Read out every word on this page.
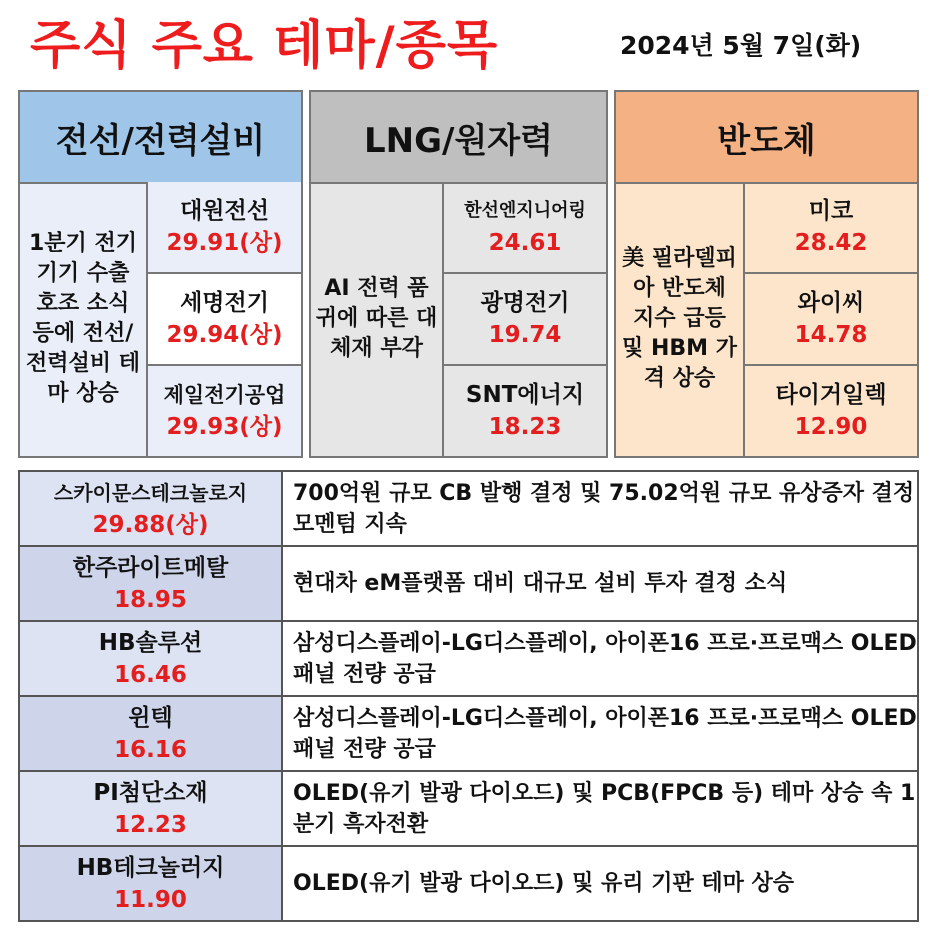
주식 주요 테마/종목	2024년 5월 7일(화)
전선/전력설비
1분기 전기기기 수출 호조 소식 등에 전선/ 전력설비 테마 상승
대원전선
29.91(상)
세명전기
29.94(상)
제일전기공업
29.93(상)
LNG/원자력
AI 전력 품귀에 따른 대체재 부각
한선엔지니어링
24.61
광명전기
19.74
SNT에너지
18.23
반도체
美 필라델피아 반도체 지수 급등 및 HBM 가격 상승
미코
28.42
와이씨
14.78
타이거일렉
12.90
스카이문스테크놀로지
29.88(상)
700억원 규모 CB 발행 결정 및 75.02억원 규모 유상증자 결정 모멘텀 지속
한주라이트메탈
18.95
현대차 eM플랫폼 대비 대규모 설비 투자 결정 소식
HB솔루션
16.46
삼성디스플레이-LG디스플레이, 아이폰16 프로·프로맥스 OLED 패널 전량 공급
윈텍
16.16
삼성디스플레이-LG디스플레이, 아이폰16 프로·프로맥스 OLED 패널 전량 공급
PI첨단소재
12.23
OLED(유기 발광 다이오드) 및 PCB(FPCB 등) 테마 상승 속 1분기 흑자전환
HB테크놀러지
11.90
OLED(유기 발광 다이오드) 및 유리 기판 테마 상승
